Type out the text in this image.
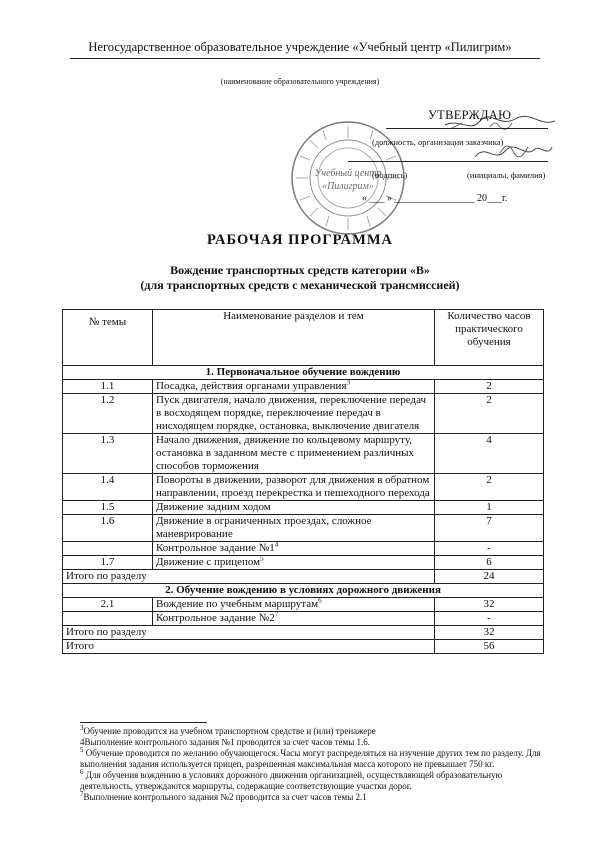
Негосударственное образовательное учреждение «Учебный центр «Пилигрим»
(наименование образовательного учреждения)
Учебный центр
«Пилигрим»
УТВЕРЖДАЮ
(должность, организации заказчика)
(подпись)	(инициалы, фамилия)
« ___ » ________________ 20___г.
РАБОЧАЯ ПРОГРАММА
Вождение транспортных средств категории «В»
(для транспортных средств с механической трансмиссией)
№ темы	Наименование разделов и тем	Количество часов практического обучения
1. Первоначальное обучение вождению		
1.1	Посадка, действия органами управления$^3$	2
1.2	Пуск двигателя, начало движения, переключение передач в восходящем порядке, переключение передач в нисходящем порядке, остановка, выключение двигателя	2
1.3	Начало движения, движение по кольцевому маршруту, остановка в заданном месте с применением различных способов торможения	4
1.4	Повороты в движении, разворот для движения в обратном направлении, проезд перекрестка и пешеходного перехода	2
1.5	Движение задним ходом	1
1.6	Движение в ограниченных проездах, сложное маневрирование	7
	Контрольное задание $№1^4$	-
1.7	Движение с прицепом$^5$	6
Итого по разделу		24
2. Обучение вождению в условиях дорожного движения		
2.1	Вождение по учебным маршрутам$^6$	32
	Контрольное задание $№2^7$	-
Итого по разделу		32
Итого		56

$^3$Обучение проводится на учебном транспортном средстве и (или) тренажере

4Выполнение контрольного задания №1 проводится за счет часов темы 1.6.

$^5$ Обучение проводится по желанию обучающегося. Часы могут распределяться на изучение других тем по разделу. Для выполнения задания используется прицеп, разрешенная максимальная масса которого не превышает 750 кг.

$^6$ Для обучения вождению в условиях дорожного движения организацией, осуществляющей образовательную деятельность, утверждаются маршруты, содержащие соответствующие участки дорог.

$^7$Выполнение контрольного задания №2 проводится за счет часов темы 2.1
